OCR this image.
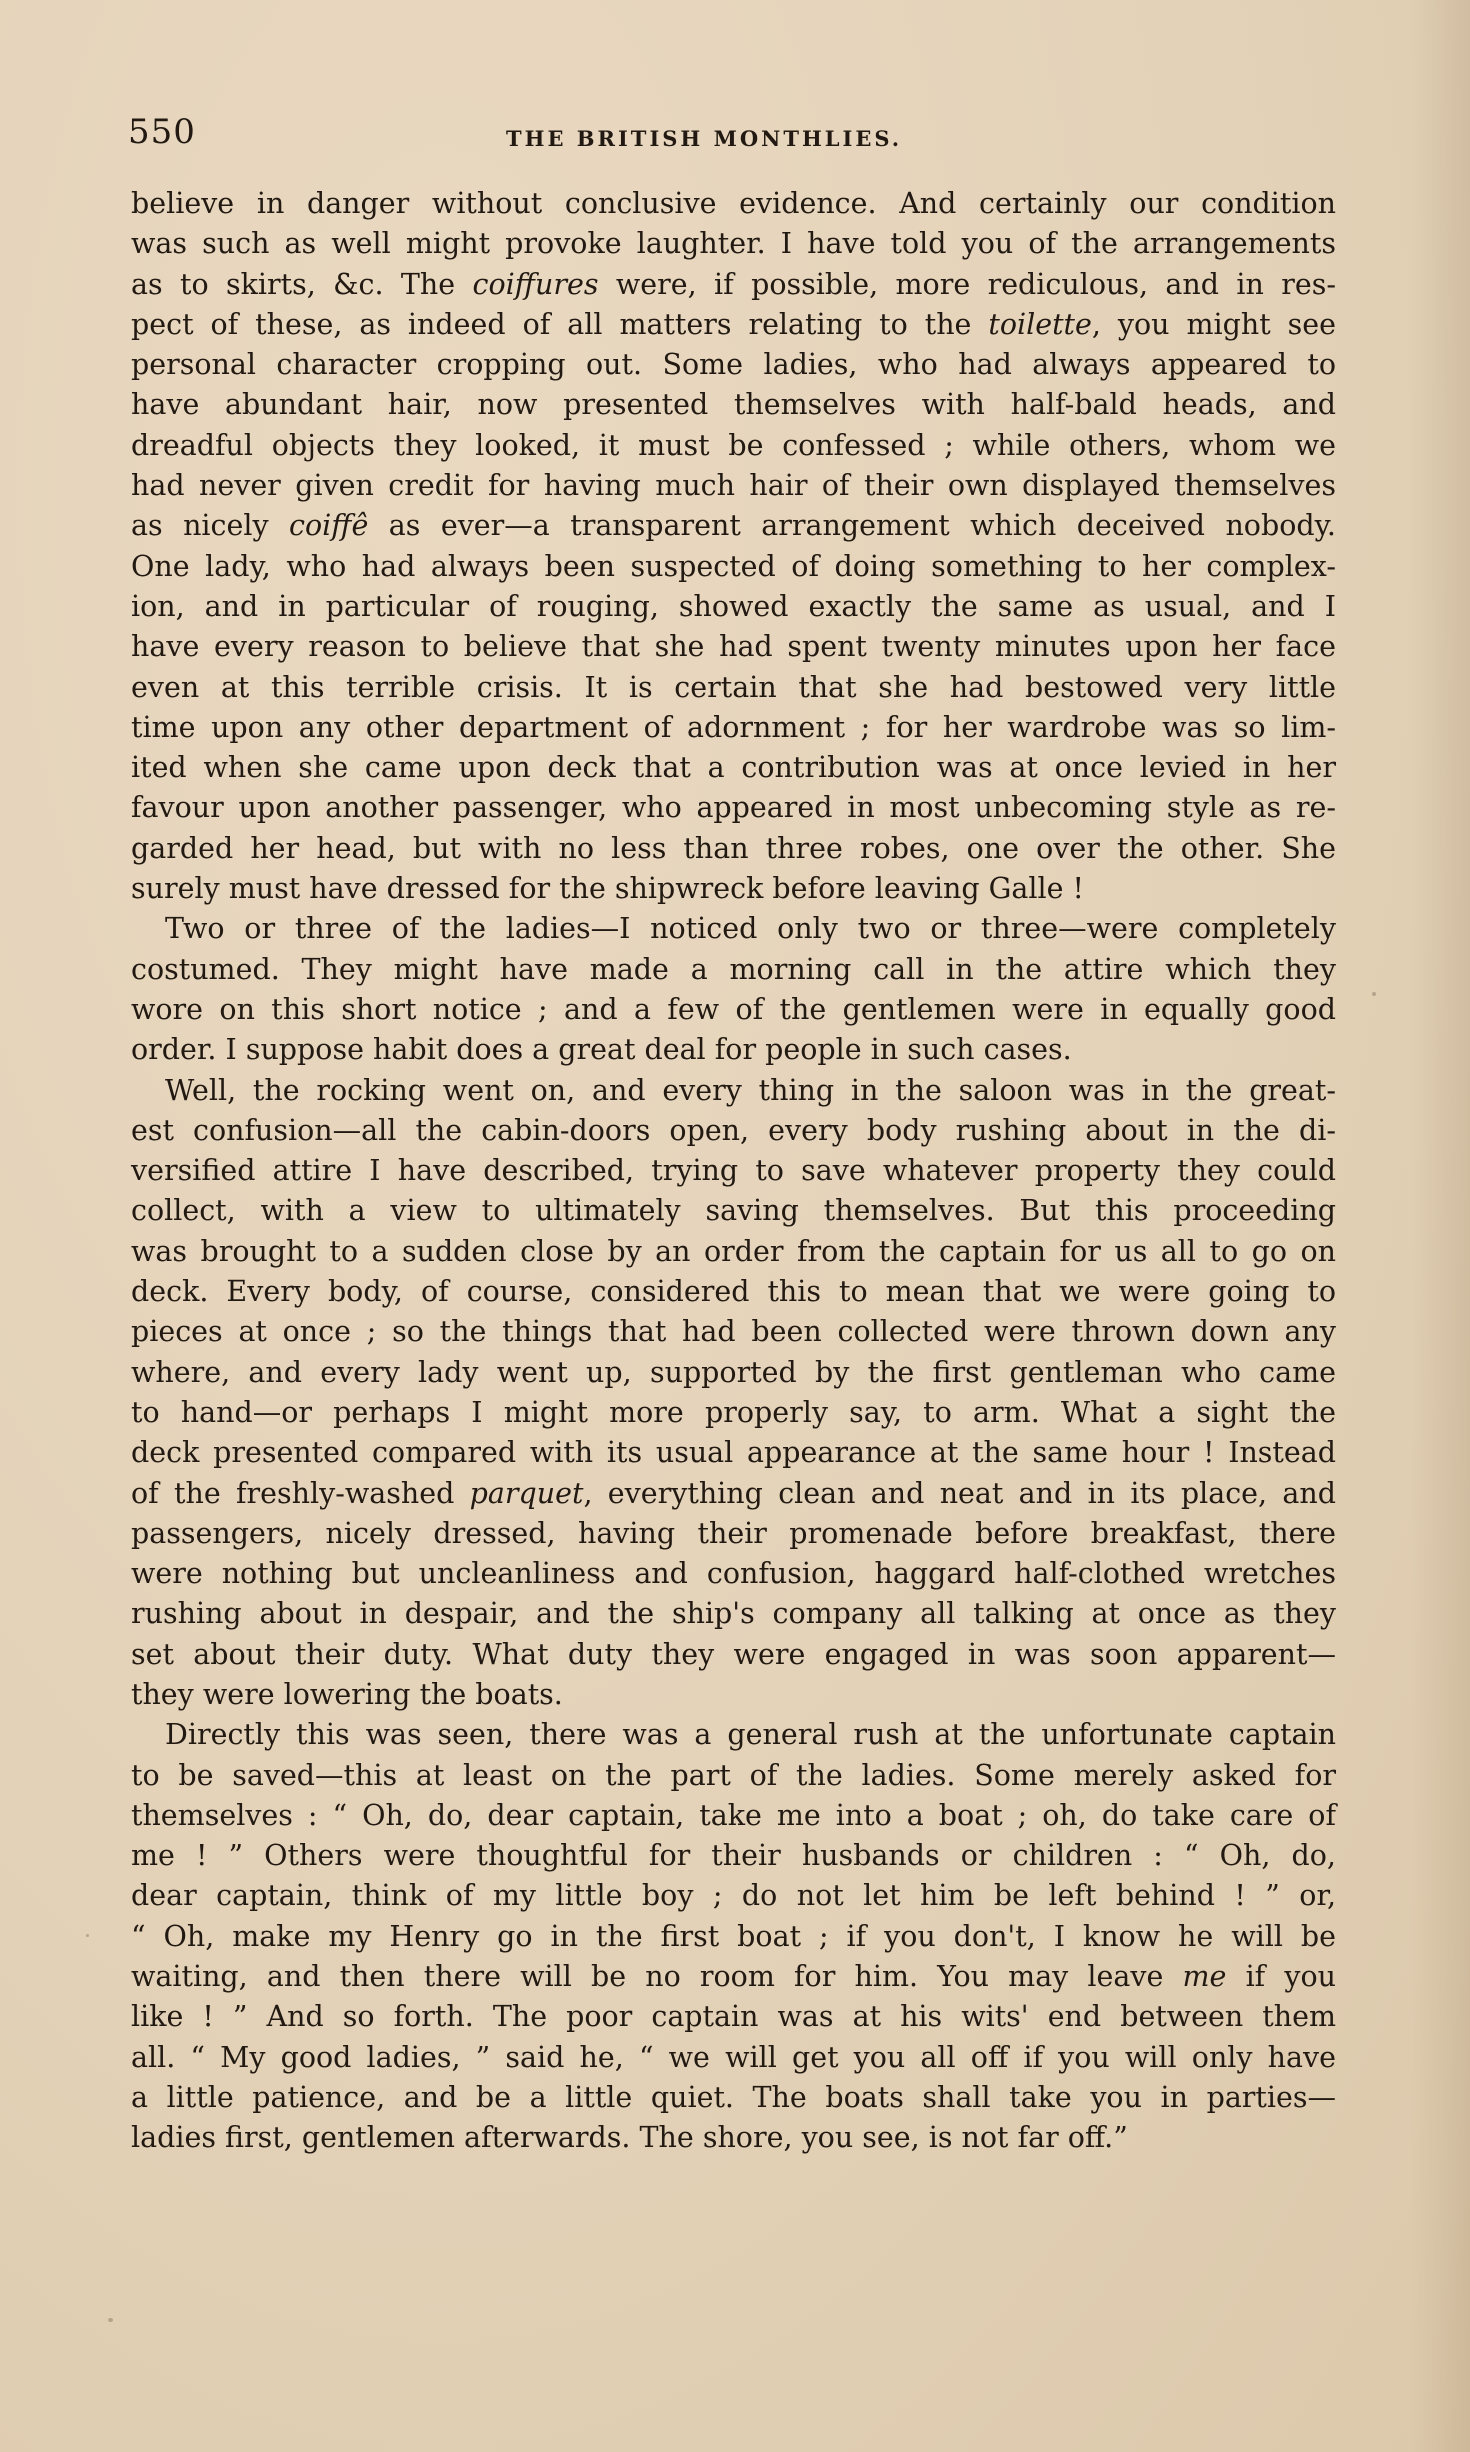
550	THE BRITISH MONTHLIES.
believe in danger without conclusive evidence. And certainly our condition
was such as well might provoke laughter. I have told you of the arrangements
as to skirts, &c. The coiffures were, if possible, more rediculous, and in res-
pect of these, as indeed of all matters relating to the toilette, you might see
personal character cropping out. Some ladies, who had always appeared to
have abundant hair, now presented themselves with half-bald heads, and
dreadful objects they looked, it must be confessed ; while others, whom we
had never given credit for having much hair of their own displayed themselves
as nicely coiffê as ever—a transparent arrangement which deceived nobody.
One lady, who had always been suspected of doing something to her complex-
ion, and in particular of rouging, showed exactly the same as usual, and I
have every reason to believe that she had spent twenty minutes upon her face
even at this terrible crisis. It is certain that she had bestowed very little
time upon any other department of adornment ; for her wardrobe was so lim-
ited when she came upon deck that a contribution was at once levied in her
favour upon another passenger, who appeared in most unbecoming style as re-
garded her head, but with no less than three robes, one over the other. She
surely must have dressed for the shipwreck before leaving Galle !
Two or three of the ladies—I noticed only two or three—were completely
costumed. They might have made a morning call in the attire which they
wore on this short notice ; and a few of the gentlemen were in equally good
order. I suppose habit does a great deal for people in such cases.
Well, the rocking went on, and every thing in the saloon was in the great-
est confusion—all the cabin-doors open, every body rushing about in the di-
versified attire I have described, trying to save whatever property they could
collect, with a view to ultimately saving themselves. But this proceeding
was brought to a sudden close by an order from the captain for us all to go on
deck. Every body, of course, considered this to mean that we were going to
pieces at once ; so the things that had been collected were thrown down any
where, and every lady went up, supported by the first gentleman who came
to hand—or perhaps I might more properly say, to arm. What a sight the
deck presented compared with its usual appearance at the same hour ! Instead
of the freshly-washed parquet, everything clean and neat and in its place, and
passengers, nicely dressed, having their promenade before breakfast, there
were nothing but uncleanliness and confusion, haggard half-clothed wretches
rushing about in despair, and the ship's company all talking at once as they
set about their duty. What duty they were engaged in was soon apparent—
they were lowering the boats.
Directly this was seen, there was a general rush at the unfortunate captain
to be saved—this at least on the part of the ladies. Some merely asked for
themselves : “ Oh, do, dear captain, take me into a boat ; oh, do take care of
me ! ” Others were thoughtful for their husbands or children : “ Oh, do,
dear captain, think of my little boy ; do not let him be left behind ! ” or,
“ Oh, make my Henry go in the first boat ; if you don't, I know he will be
waiting, and then there will be no room for him. You may leave me if you
like ! ” And so forth. The poor captain was at his wits' end between them
all. “ My good ladies, ” said he, “ we will get you all off if you will only have
a little patience, and be a little quiet. The boats shall take you in parties—
ladies first, gentlemen afterwards. The shore, you see, is not far off.”
